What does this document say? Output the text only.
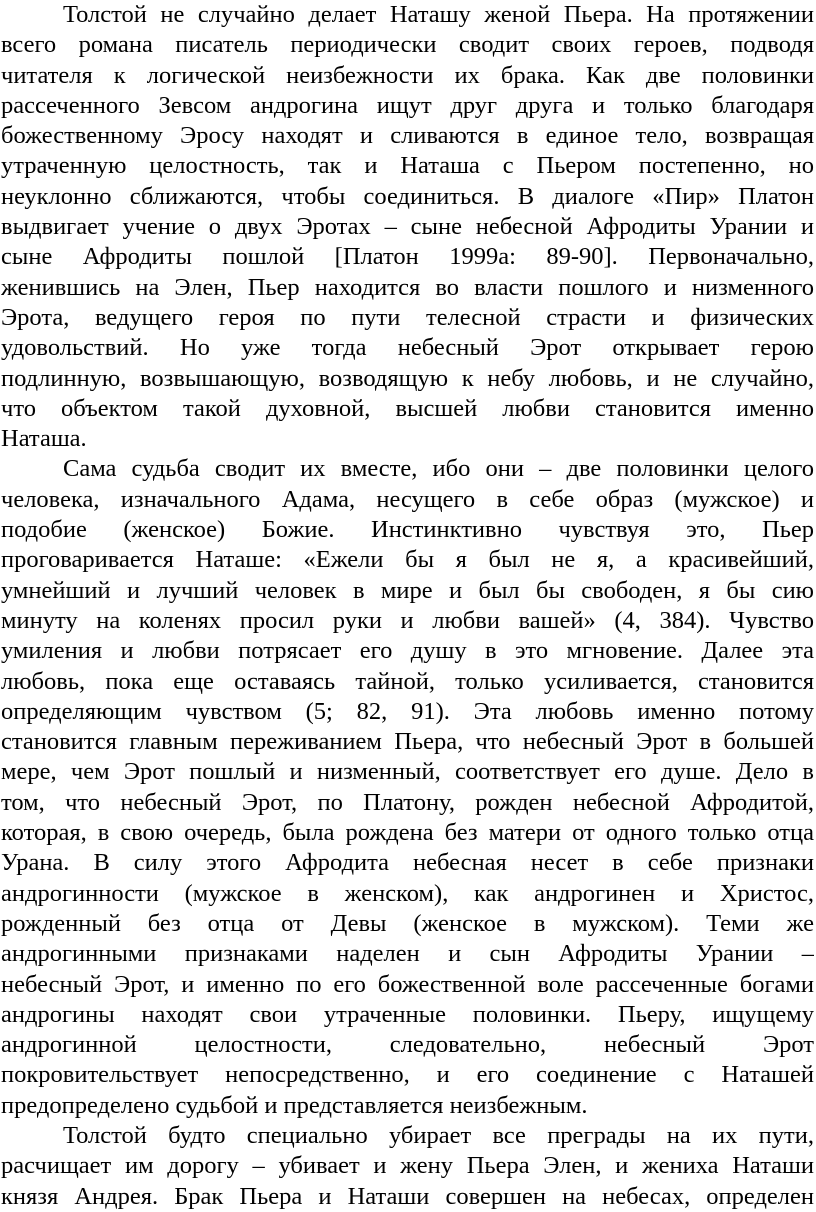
Толстой не случайно делает Наташу женой Пьера. На протяжении
всего романа писатель периодически сводит своих героев, подводя
читателя к логической неизбежности их брака. Как две половинки
рассеченного Зевсом андрогина ищут друг друга и только благодаря
божественному Эросу находят и сливаются в единое тело, возвращая
утраченную целостность, так и Наташа с Пьером постепенно, но
неуклонно сближаются, чтобы соединиться. В диалоге «Пир» Платон
выдвигает учение о двух Эротах – сыне небесной Афродиты Урании и
сыне Афродиты пошлой [Платон 1999а: 89-90]. Первоначально,
женившись на Элен, Пьер находится во власти пошлого и низменного
Эрота, ведущего героя по пути телесной страсти и физических
удовольствий. Но уже тогда небесный Эрот открывает герою
подлинную, возвышающую, возводящую к небу любовь, и не случайно,
что объектом такой духовной, высшей любви становится именно
Наташа.

Сама судьба сводит их вместе, ибо они – две половинки целого
человека, изначального Адама, несущего в себе образ (мужское) и
подобие (женское) Божие. Инстинктивно чувствуя это, Пьер
проговаривается Наташе: «Ежели бы я был не я, а красивейший,
умнейший и лучший человек в мире и был бы свободен, я бы сию
минуту на коленях просил руки и любви вашей» (4, 384). Чувство
умиления и любви потрясает его душу в это мгновение. Далее эта
любовь, пока еще оставаясь тайной, только усиливается, становится
определяющим чувством (5; 82, 91). Эта любовь именно потому
становится главным переживанием Пьера, что небесный Эрот в большей
мере, чем Эрот пошлый и низменный, соответствует его душе. Дело в
том, что небесный Эрот, по Платону, рожден небесной Афродитой,
которая, в свою очередь, была рождена без матери от одного только отца
Урана. В силу этого Афродита небесная несет в себе признаки
андрогинности (мужское в женском), как андрогинен и Христос,
рожденный без отца от Девы (женское в мужском). Теми же
андрогинными признаками наделен и сын Афродиты Урании –
небесный Эрот, и именно по его божественной воле рассеченные богами
андрогины находят свои утраченные половинки. Пьеру, ищущему
андрогинной целостности, следовательно, небесный Эрот
покровительствует непосредственно, и его соединение с Наташей
предопределено судьбой и представляется неизбежным.

Толстой будто специально убирает все преграды на их пути,
расчищает им дорогу – убивает и жену Пьера Элен, и жениха Наташи
князя Андрея. Брак Пьера и Наташи совершен на небесах, определен
